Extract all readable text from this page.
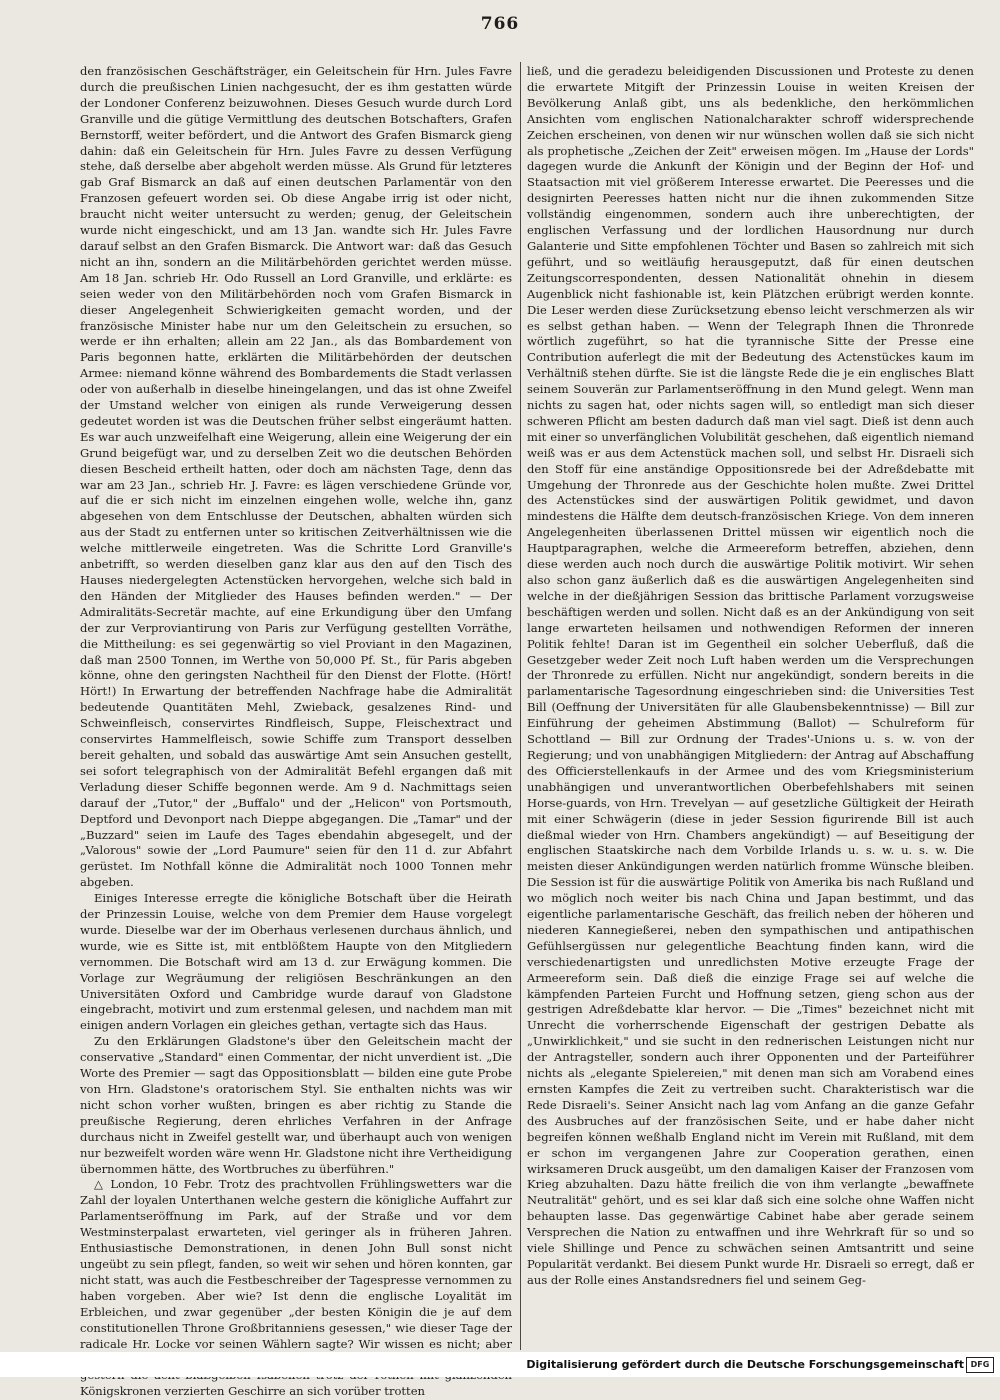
766

den französischen Geschäftsträger, ein Geleitschein für Hrn. Jules Favre durch die preußischen Linien nachgesucht, der es ihm gestatten würde der Londoner Conferenz beizuwohnen. Dieses Gesuch wurde durch Lord Granville und die gütige Vermittlung des deutschen Botschafters, Grafen Bernstorff, weiter befördert, und die Antwort des Grafen Bismarck gieng dahin: daß ein Geleitschein für Hrn. Jules Favre zu dessen Verfügung stehe, daß derselbe aber abgeholt werden müsse. Als Grund für letzteres gab Graf Bismarck an daß auf einen deutschen Parlamentär von den Franzosen gefeuert worden sei. Ob diese Angabe irrig ist oder nicht, braucht nicht weiter untersucht zu werden; genug, der Geleitschein wurde nicht eingeschickt, und am 13 Jan. wandte sich Hr. Jules Favre darauf selbst an den Grafen Bismarck. Die Antwort war: daß das Gesuch nicht an ihn, sondern an die Militärbehörden gerichtet werden müsse. Am 18 Jan. schrieb Hr. Odo Russell an Lord Granville, und erklärte: es seien weder von den Militärbehörden noch vom Grafen Bismarck in dieser Angelegenheit Schwierigkeiten gemacht worden, und der französische Minister habe nur um den Geleitschein zu ersuchen, so werde er ihn erhalten; allein am 22 Jan., als das Bombardement von Paris begonnen hatte, erklärten die Militärbehörden der deutschen Armee: niemand könne während des Bombardements die Stadt verlassen oder von außerhalb in dieselbe hineingelangen, und das ist ohne Zweifel der Umstand welcher von einigen als runde Verweigerung dessen gedeutet worden ist was die Deutschen früher selbst eingeräumt hatten. Es war auch unzweifelhaft eine Weigerung, allein eine Weigerung der ein Grund beigefügt war, und zu derselben Zeit wo die deutschen Behörden diesen Bescheid ertheilt hatten, oder doch am nächsten Tage, denn das war am 23 Jan., schrieb Hr. J. Favre: es lägen verschiedene Gründe vor, auf die er sich nicht im einzelnen eingehen wolle, welche ihn, ganz abgesehen von dem Entschlusse der Deutschen, abhalten würden sich aus der Stadt zu entfernen unter so kritischen Zeitverhältnissen wie die welche mittlerweile eingetreten. Was die Schritte Lord Granville's anbetrifft, so werden dieselben ganz klar aus den auf den Tisch des Hauses niedergelegten Actenstücken hervorgehen, welche sich bald in den Händen der Mitglieder des Hauses befinden werden." — Der Admiralitäts-Secretär machte, auf eine Erkundigung über den Umfang der zur Verproviantirung von Paris zur Verfügung gestellten Vorräthe, die Mittheilung: es sei gegenwärtig so viel Proviant in den Magazinen, daß man 2500 Tonnen, im Werthe von 50,000 Pf. St., für Paris abgeben könne, ohne den geringsten Nachtheil für den Dienst der Flotte. (Hört! Hört!) In Erwartung der betreffenden Nachfrage habe die Admiralität bedeutende Quantitäten Mehl, Zwieback, gesalzenes Rind- und Schweinfleisch, conservirtes Rindfleisch, Suppe, Fleischextract und conservirtes Hammelfleisch, sowie Schiffe zum Transport desselben bereit gehalten, und sobald das auswärtige Amt sein Ansuchen gestellt, sei sofort telegraphisch von der Admiralität Befehl ergangen daß mit Verladung dieser Schiffe begonnen werde. Am 9 d. Nachmittags seien darauf der „Tutor," der „Buffalo" und der „Helicon" von Portsmouth, Deptford und Devonport nach Dieppe abgegangen. Die „Tamar" und der „Buzzard" seien im Laufe des Tages ebendahin abgesegelt, und der „Valorous" sowie der „Lord Paumure" seien für den 11 d. zur Abfahrt gerüstet. Im Nothfall könne die Admiralität noch 1000 Tonnen mehr abgeben.

Einiges Interesse erregte die königliche Botschaft über die Heirath der Prinzessin Louise, welche von dem Premier dem Hause vorgelegt wurde. Dieselbe war der im Oberhaus verlesenen durchaus ähnlich, und wurde, wie es Sitte ist, mit entblößtem Haupte von den Mitgliedern vernommen. Die Botschaft wird am 13 d. zur Erwägung kommen. Die Vorlage zur Wegräumung der religiösen Beschränkungen an den Universitäten Oxford und Cambridge wurde darauf von Gladstone eingebracht, motivirt und zum erstenmal gelesen, und nachdem man mit einigen andern Vorlagen ein gleiches gethan, vertagte sich das Haus.

Zu den Erklärungen Gladstone's über den Geleitschein macht der conservative „Standard" einen Commentar, der nicht unverdient ist. „Die Worte des Premier — sagt das Oppositionsblatt — bilden eine gute Probe von Hrn. Gladstone's oratorischem Styl. Sie enthalten nichts was wir nicht schon vorher wußten, bringen es aber richtig zu Stande die preußische Regierung, deren ehrliches Verfahren in der Anfrage durchaus nicht in Zweifel gestellt war, und überhaupt auch von wenigen nur bezweifelt worden wäre wenn Hr. Gladstone nicht ihre Vertheidigung übernommen hätte, des Wortbruches zu überführen."

△ London, 10 Febr. Trotz des prachtvollen Frühlingswetters war die Zahl der loyalen Unterthanen welche gestern die königliche Auffahrt zur Parlamentseröffnung im Park, auf der Straße und vor dem Westminsterpalast erwarteten, viel geringer als in früheren Jahren. Enthusiastische Demonstrationen, in denen John Bull sonst nicht ungeübt zu sein pflegt, fanden, so weit wir sehen und hören konnten, gar nicht statt, was auch die Festbeschreiber der Tagespresse vernommen zu haben vorgeben. Aber wie? Ist denn die englische Loyalität im Erbleichen, und zwar gegenüber „der besten Königin die je auf dem constitutionellen Throne Großbritanniens gesessen," wie dieser Tage der radicale Hr. Locke vor seinen Wählern sagte? Wir wissen es nicht; aber Königskronen verzierten Geschirre an sich vorüber trotten

ließ, und die geradezu beleidigenden Discussionen und Proteste zu denen die erwartete Mitgift der Prinzessin Louise in weiten Kreisen der Bevölkerung Anlaß gibt, uns als bedenkliche, den herkömmlichen Ansichten vom englischen Nationalcharakter schroff widersprechende Zeichen erscheinen, von denen wir nur wünschen wollen daß sie sich nicht als prophetische „Zeichen der Zeit" erweisen mögen. Im „Hause der Lords" dagegen wurde die Ankunft der Königin und der Beginn der Hof- und Staatsaction mit viel größerem Interesse erwartet. Die Peeresses und die designirten Peeresses hatten nicht nur die ihnen zukommenden Sitze vollständig eingenommen, sondern auch ihre unberechtigten, der englischen Verfassung und der lordlichen Hausordnung nur durch Galanterie und Sitte empfohlenen Töchter und Basen so zahlreich mit sich geführt, und so weitläufig herausgeputzt, daß für einen deutschen Zeitungscorrespondenten, dessen Nationalität ohnehin in diesem Augenblick nicht fashionable ist, kein Plätzchen erübrigt werden konnte. Die Leser werden diese Zurücksetzung ebenso leicht verschmerzen als wir es selbst gethan haben. — Wenn der Telegraph Ihnen die Thronrede wörtlich zugeführt, so hat die tyrannische Sitte der Presse eine Contribution auferlegt die mit der Bedeutung des Actenstückes kaum im Verhältniß stehen dürfte. Sie ist die längste Rede die je ein englisches Blatt seinem Souverän zur Parlamentseröffnung in den Mund gelegt. Wenn man nichts zu sagen hat, oder nichts sagen will, so entledigt man sich dieser schweren Pflicht am besten dadurch daß man viel sagt. Dieß ist denn auch mit einer so unverfänglichen Volubilität geschehen, daß eigentlich niemand weiß was er aus dem Actenstück machen soll, und selbst Hr. Disraeli sich den Stoff für eine anständige Oppositionsrede bei der Adreßdebatte mit Umgehung der Thronrede aus der Geschichte holen mußte. Zwei Drittel des Actenstückes sind der auswärtigen Politik gewidmet, und davon mindestens die Hälfte dem deutsch-französischen Kriege. Von dem inneren Angelegenheiten überlassenen Drittel müssen wir eigentlich noch die Hauptparagraphen, welche die Armeereform betreffen, abziehen, denn diese werden auch noch durch die auswärtige Politik motivirt. Wir sehen also schon ganz äußerlich daß es die auswärtigen Angelegenheiten sind welche in der dießjährigen Session das brittische Parlament vorzugsweise beschäftigen werden und sollen. Nicht daß es an der Ankündigung von seit lange erwarteten heilsamen und nothwendigen Reformen der inneren Politik fehlte! Daran ist im Gegentheil ein solcher Ueberfluß, daß die Gesetzgeber weder Zeit noch Luft haben werden um die Versprechungen der Thronrede zu erfüllen. Nicht nur angekündigt, sondern bereits in die parlamentarische Tagesordnung eingeschrieben sind: die Universities Test Bill (Oeffnung der Universitäten für alle Glaubensbekenntnisse) — Bill zur Einführung der geheimen Abstimmung (Ballot) — Schulreform für Schottland — Bill zur Ordnung der Trades'-Unions u. s. w. von der Regierung; und von unabhängigen Mitgliedern: der Antrag auf Abschaffung des Officierstellenkaufs in der Armee und des vom Kriegsministerium unabhängigen und unverantwortlichen Oberbefehlshabers mit seinen Horse-guards, von Hrn. Trevelyan — auf gesetzliche Gültigkeit der Heirath mit einer Schwägerin (diese in jeder Session figurirende Bill ist auch dießmal wieder von Hrn. Chambers angekündigt) — auf Beseitigung der englischen Staatskirche nach dem Vorbilde Irlands u. s. w. u. s. w. Die meisten dieser Ankündigungen werden natürlich fromme Wünsche bleiben. Die Session ist für die auswärtige Politik von Amerika bis nach Rußland und wo möglich noch weiter bis nach China und Japan bestimmt, und das eigentliche parlamentarische Geschäft, das freilich neben der höheren und niederen Kannegießerei, neben den sympathischen und antipathischen Gefühlsergüssen nur gelegentliche Beachtung finden kann, wird die verschiedenartigsten und unredlichsten Motive erzeugte Frage der Armeereform sein. Daß dieß die einzige Frage sei auf welche die kämpfenden Parteien Furcht und Hoffnung setzen, gieng schon aus der gestrigen Adreßdebatte klar hervor. — Die „Times" bezeichnet nicht mit Unrecht die vorherrschende Eigenschaft der gestrigen Debatte als „Unwirklichkeit," und sie sucht in den rednerischen Leistungen nicht nur der Antragsteller, sondern auch ihrer Opponenten und der Parteiführer nichts als „elegante Spielereien," mit denen man sich am Vorabend eines ernsten Kampfes die Zeit zu vertreiben sucht. Charakteristisch war die Rede Disraeli's. Seiner Ansicht nach lag vom Anfang an die ganze Gefahr des Ausbruches auf der französischen Seite, und er habe daher nicht begreifen können weßhalb England nicht im Verein mit Rußland, mit dem er schon im vergangenen Jahre zur Cooperation gerathen, einen wirksameren Druck ausgeübt, um den damaligen Kaiser der Franzosen vom Krieg abzuhalten. Dazu hätte freilich die von ihm verlangte „bewaffnete Neutralität" gehört, und es sei klar daß sich eine solche ohne Waffen nicht behaupten lasse. Das gegenwärtige Cabinet habe aber gerade seinem Versprechen die Nation zu entwaffnen und ihre Wehrkraft für so und so viele Shillinge und Pence zu schwächen seinen Amtsantritt und seine Popularität verdankt. Bei diesem Punkt wurde Hr. Disraeli so erregt, daß er aus der Rolle eines Anstandsredners fiel und seinem Geg-

Digitalisierung gefördert durch die Deutsche Forschungsgemeinschaft DFG
